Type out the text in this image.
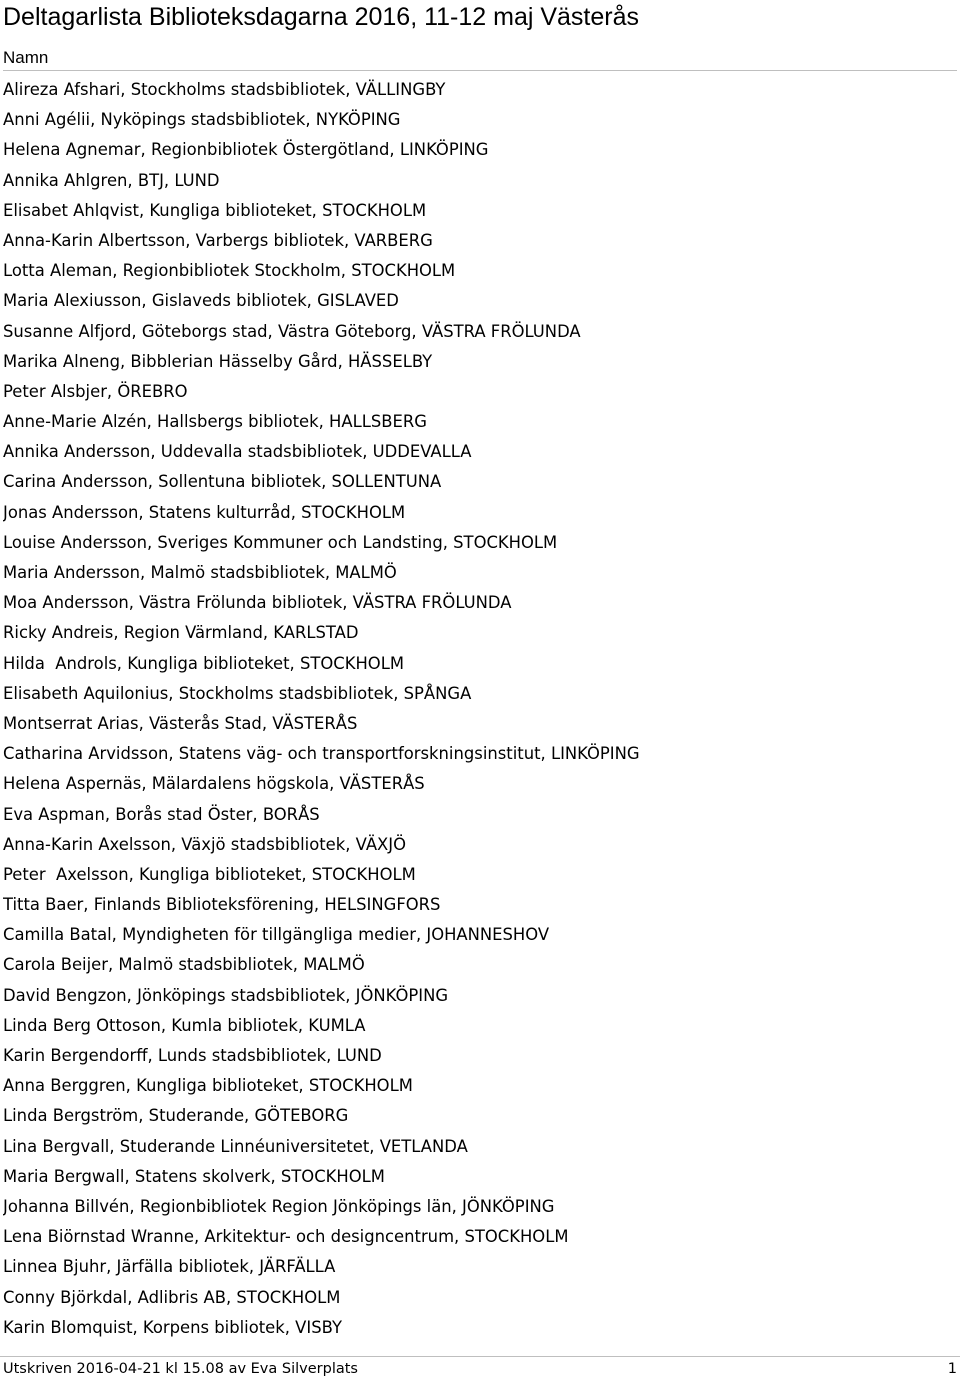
Deltagarlista Biblioteksdagarna 2016, 11-12 maj Västerås
Namn
Alireza Afshari, Stockholms stadsbibliotek, VÄLLINGBY
Anni Agélii, Nyköpings stadsbibliotek, NYKÖPING
Helena Agnemar, Regionbibliotek Östergötland, LINKÖPING
Annika Ahlgren, BTJ, LUND
Elisabet Ahlqvist, Kungliga biblioteket, STOCKHOLM
Anna-Karin Albertsson, Varbergs bibliotek, VARBERG
Lotta Aleman, Regionbibliotek Stockholm, STOCKHOLM
Maria Alexiusson, Gislaveds bibliotek, GISLAVED
Susanne Alfjord, Göteborgs stad, Västra Göteborg, VÄSTRA FRÖLUNDA
Marika Alneng, Bibblerian Hässelby Gård, HÄSSELBY
Peter Alsbjer, ÖREBRO
Anne-Marie Alzén, Hallsbergs bibliotek, HALLSBERG
Annika Andersson, Uddevalla stadsbibliotek, UDDEVALLA
Carina Andersson, Sollentuna bibliotek, SOLLENTUNA
Jonas Andersson, Statens kulturråd, STOCKHOLM
Louise Andersson, Sveriges Kommuner och Landsting, STOCKHOLM
Maria Andersson, Malmö stadsbibliotek, MALMÖ
Moa Andersson, Västra Frölunda bibliotek, VÄSTRA FRÖLUNDA
Ricky Andreis, Region Värmland, KARLSTAD
Hilda  Androls, Kungliga biblioteket, STOCKHOLM
Elisabeth Aquilonius, Stockholms stadsbibliotek, SPÅNGA
Montserrat Arias, Västerås Stad, VÄSTERÅS
Catharina Arvidsson, Statens väg- och transportforskningsinstitut, LINKÖPING
Helena Aspernäs, Mälardalens högskola, VÄSTERÅS
Eva Aspman, Borås stad Öster, BORÅS
Anna-Karin Axelsson, Växjö stadsbibliotek, VÄXJÖ
Peter  Axelsson, Kungliga biblioteket, STOCKHOLM
Titta Baer, Finlands Biblioteksförening, HELSINGFORS
Camilla Batal, Myndigheten för tillgängliga medier, JOHANNESHOV
Carola Beijer, Malmö stadsbibliotek, MALMÖ
David Bengzon, Jönköpings stadsbibliotek, JÖNKÖPING
Linda Berg Ottoson, Kumla bibliotek, KUMLA
Karin Bergendorff, Lunds stadsbibliotek, LUND
Anna Berggren, Kungliga biblioteket, STOCKHOLM
Linda Bergström, Studerande, GÖTEBORG
Lina Bergvall, Studerande Linnéuniversitetet, VETLANDA
Maria Bergwall, Statens skolverk, STOCKHOLM
Johanna Billvén, Regionbibliotek Region Jönköpings län, JÖNKÖPING
Lena Biörnstad Wranne, Arkitektur- och designcentrum, STOCKHOLM
Linnea Bjuhr, Järfälla bibliotek, JÄRFÄLLA
Conny Björkdal, Adlibris AB, STOCKHOLM
Karin Blomquist, Korpens bibliotek, VISBY
Utskriven 2016-04-21 kl 15.08 av Eva Silverplats	1
